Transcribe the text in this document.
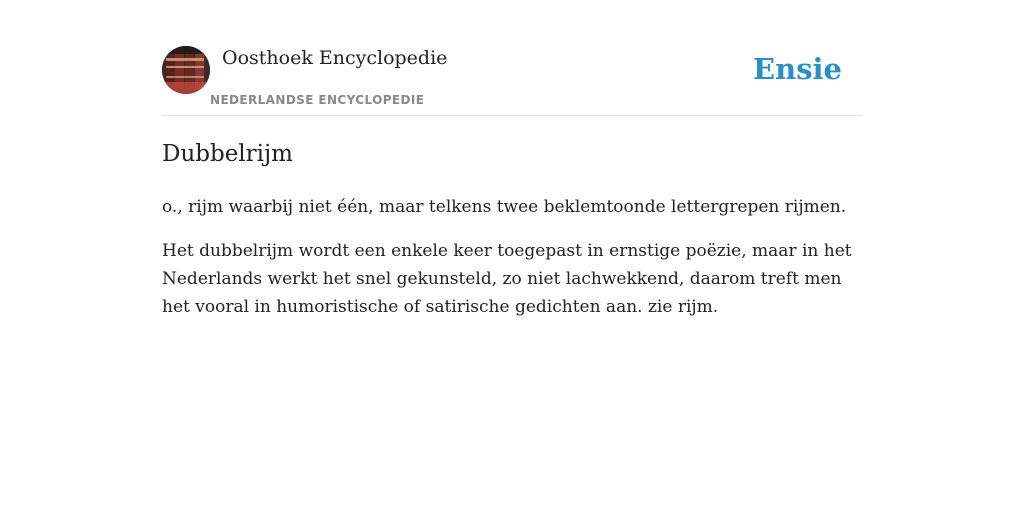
Oosthoek Encyclopedie
NEDERLANDSE ENCYCLOPEDIE
Ensie
Dubbelrijm

o., rijm waarbij niet één, maar telkens twee beklemtoonde lettergrepen rijmen.

Het dubbelrijm wordt een enkele keer toegepast in ernstige poëzie, maar in het Nederlands werkt het snel gekunsteld, zo niet lachwekkend, daarom treft men het vooral in humoristische of satirische gedichten aan. zie rijm.
